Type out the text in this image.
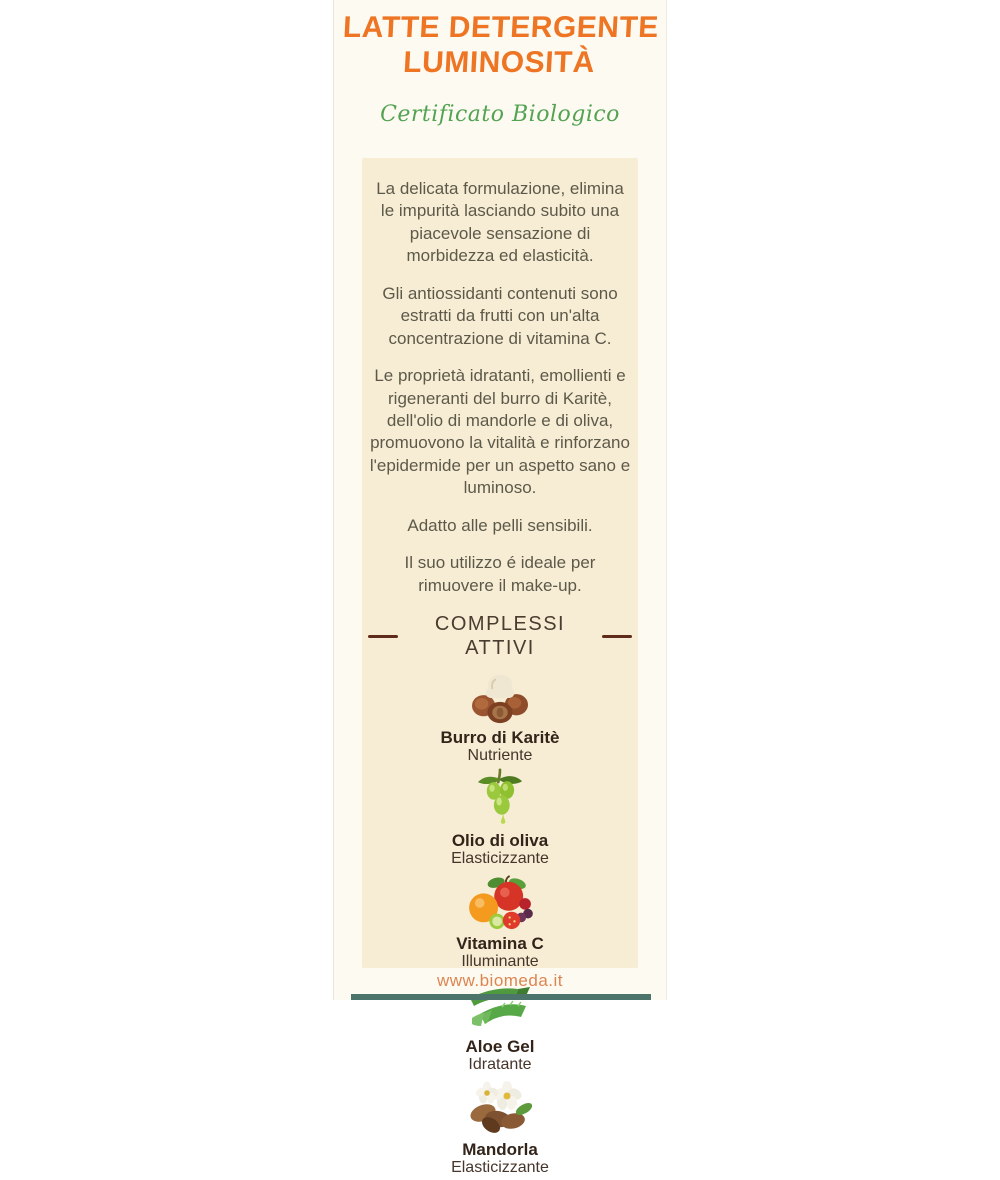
LATTE DETERGENTE
LUMINOSITÀ
Certificato Biologico

La delicata formulazione, elimina le impurità lasciando subito una piacevole sensazione di morbidezza ed elasticità.

Gli antiossidanti contenuti sono estratti da frutti con un'alta concentrazione di vitamina C.

Le proprietà idratanti, emollienti e rigeneranti del burro di Karitè, dell'olio di mandorle e di oliva, promuovono la vitalità e rinforzano l'epidermide per un aspetto sano e luminoso.

Adatto alle pelli sensibili.

Il suo utilizzo é ideale per rimuovere il make-up.

COMPLESSI ATTIVI
Burro di Karitè
Nutriente
Olio di oliva
Elasticizzante
Vitamina C
Illuminante
Aloe Gel
Idratante
Mandorla
Elasticizzante
www.biomeda.it
